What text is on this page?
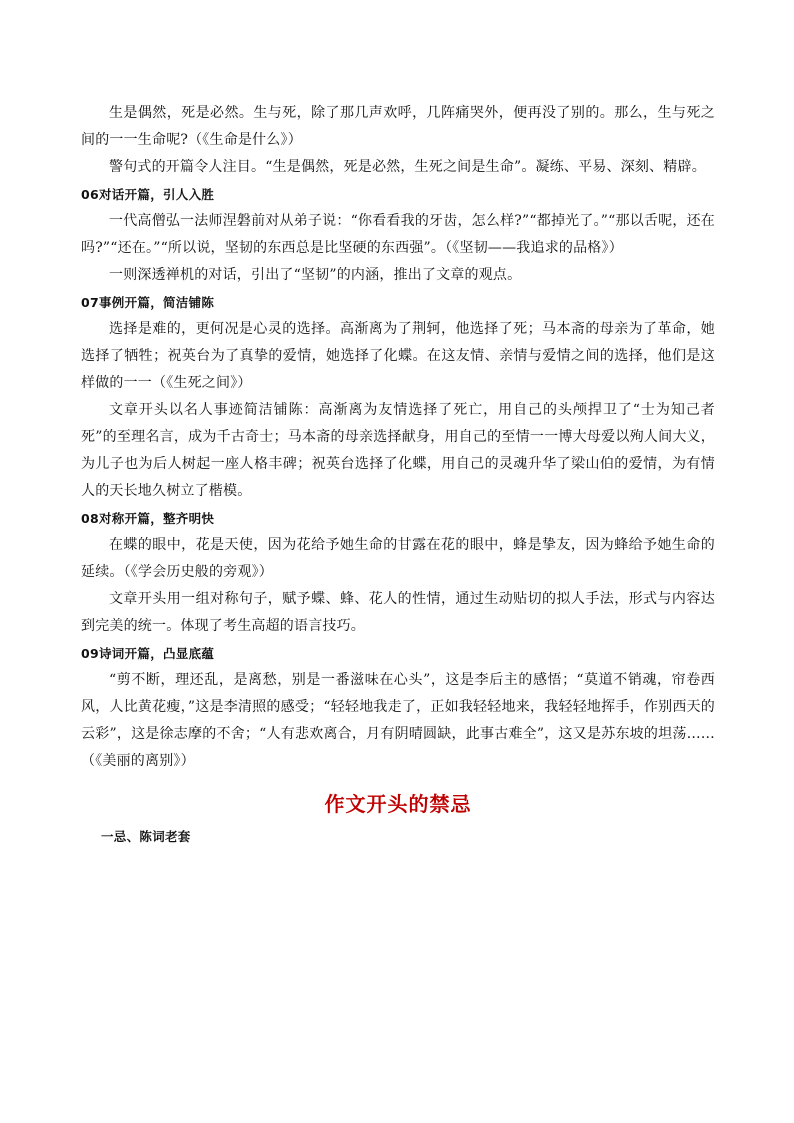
生是偶然，死是必然。生与死，除了那几声欢呼，几阵痛哭外，便再没了别的。那么，生与死之间的一一生命呢?（《生命是什么》）

警句式的开篇令人注目。“生是偶然，死是必然，生死之间是生命”。凝练、平易、深刻、精辟。

06对话开篇，引人入胜

一代高僧弘一法师涅磐前对从弟子说：“你看看我的牙齿，怎么样?”“都掉光了。”“那以舌呢，还在吗?”“还在。”“所以说，坚韧的东西总是比坚硬的东西强”。（《坚韧——我追求的品格》）

一则深透禅机的对话，引出了“坚韧”的内涵，推出了文章的观点。

07事例开篇，简洁铺陈

选择是难的，更何况是心灵的选择。高渐离为了荆轲，他选择了死；马本斋的母亲为了革命，她选择了牺牲；祝英台为了真挚的爱情，她选择了化蝶。在这友情、亲情与爱情之间的选择，他们是这样做的一一（《生死之间》）

文章开头以名人事迹简洁铺陈：高渐离为友情选择了死亡，用自己的头颅捍卫了“士为知己者死”的至理名言，成为千古奇士；马本斋的母亲选择献身，用自己的至情一一博大母爱以殉人间大义，为儿子也为后人树起一座人格丰碑；祝英台选择了化蝶，用自己的灵魂升华了梁山伯的爱情，为有情人的天长地久树立了楷模。

08对称开篇，整齐明快

在蝶的眼中，花是天使，因为花给予她生命的甘露在花的眼中，蜂是挚友，因为蜂给予她生命的延续。（《学会历史般的旁观》）

文章开头用一组对称句子，赋予蝶、蜂、花人的性情，通过生动贴切的拟人手法，形式与内容达到完美的统一。体现了考生高超的语言技巧。

09诗词开篇，凸显底蕴

“剪不断，理还乱，是离愁，别是一番滋味在心头”，这是李后主的感悟；“莫道不销魂，帘卷西风，人比黄花瘦，”这是李清照的感受；“轻轻地我走了，正如我轻轻地来，我轻轻地挥手，作别西天的云彩”，这是徐志摩的不舍；“人有悲欢离合，月有阴晴圆缺，此事古难全”，这又是苏东坡的坦荡……（《美丽的离别》）

作文开头的禁忌
一忌、陈词老套
